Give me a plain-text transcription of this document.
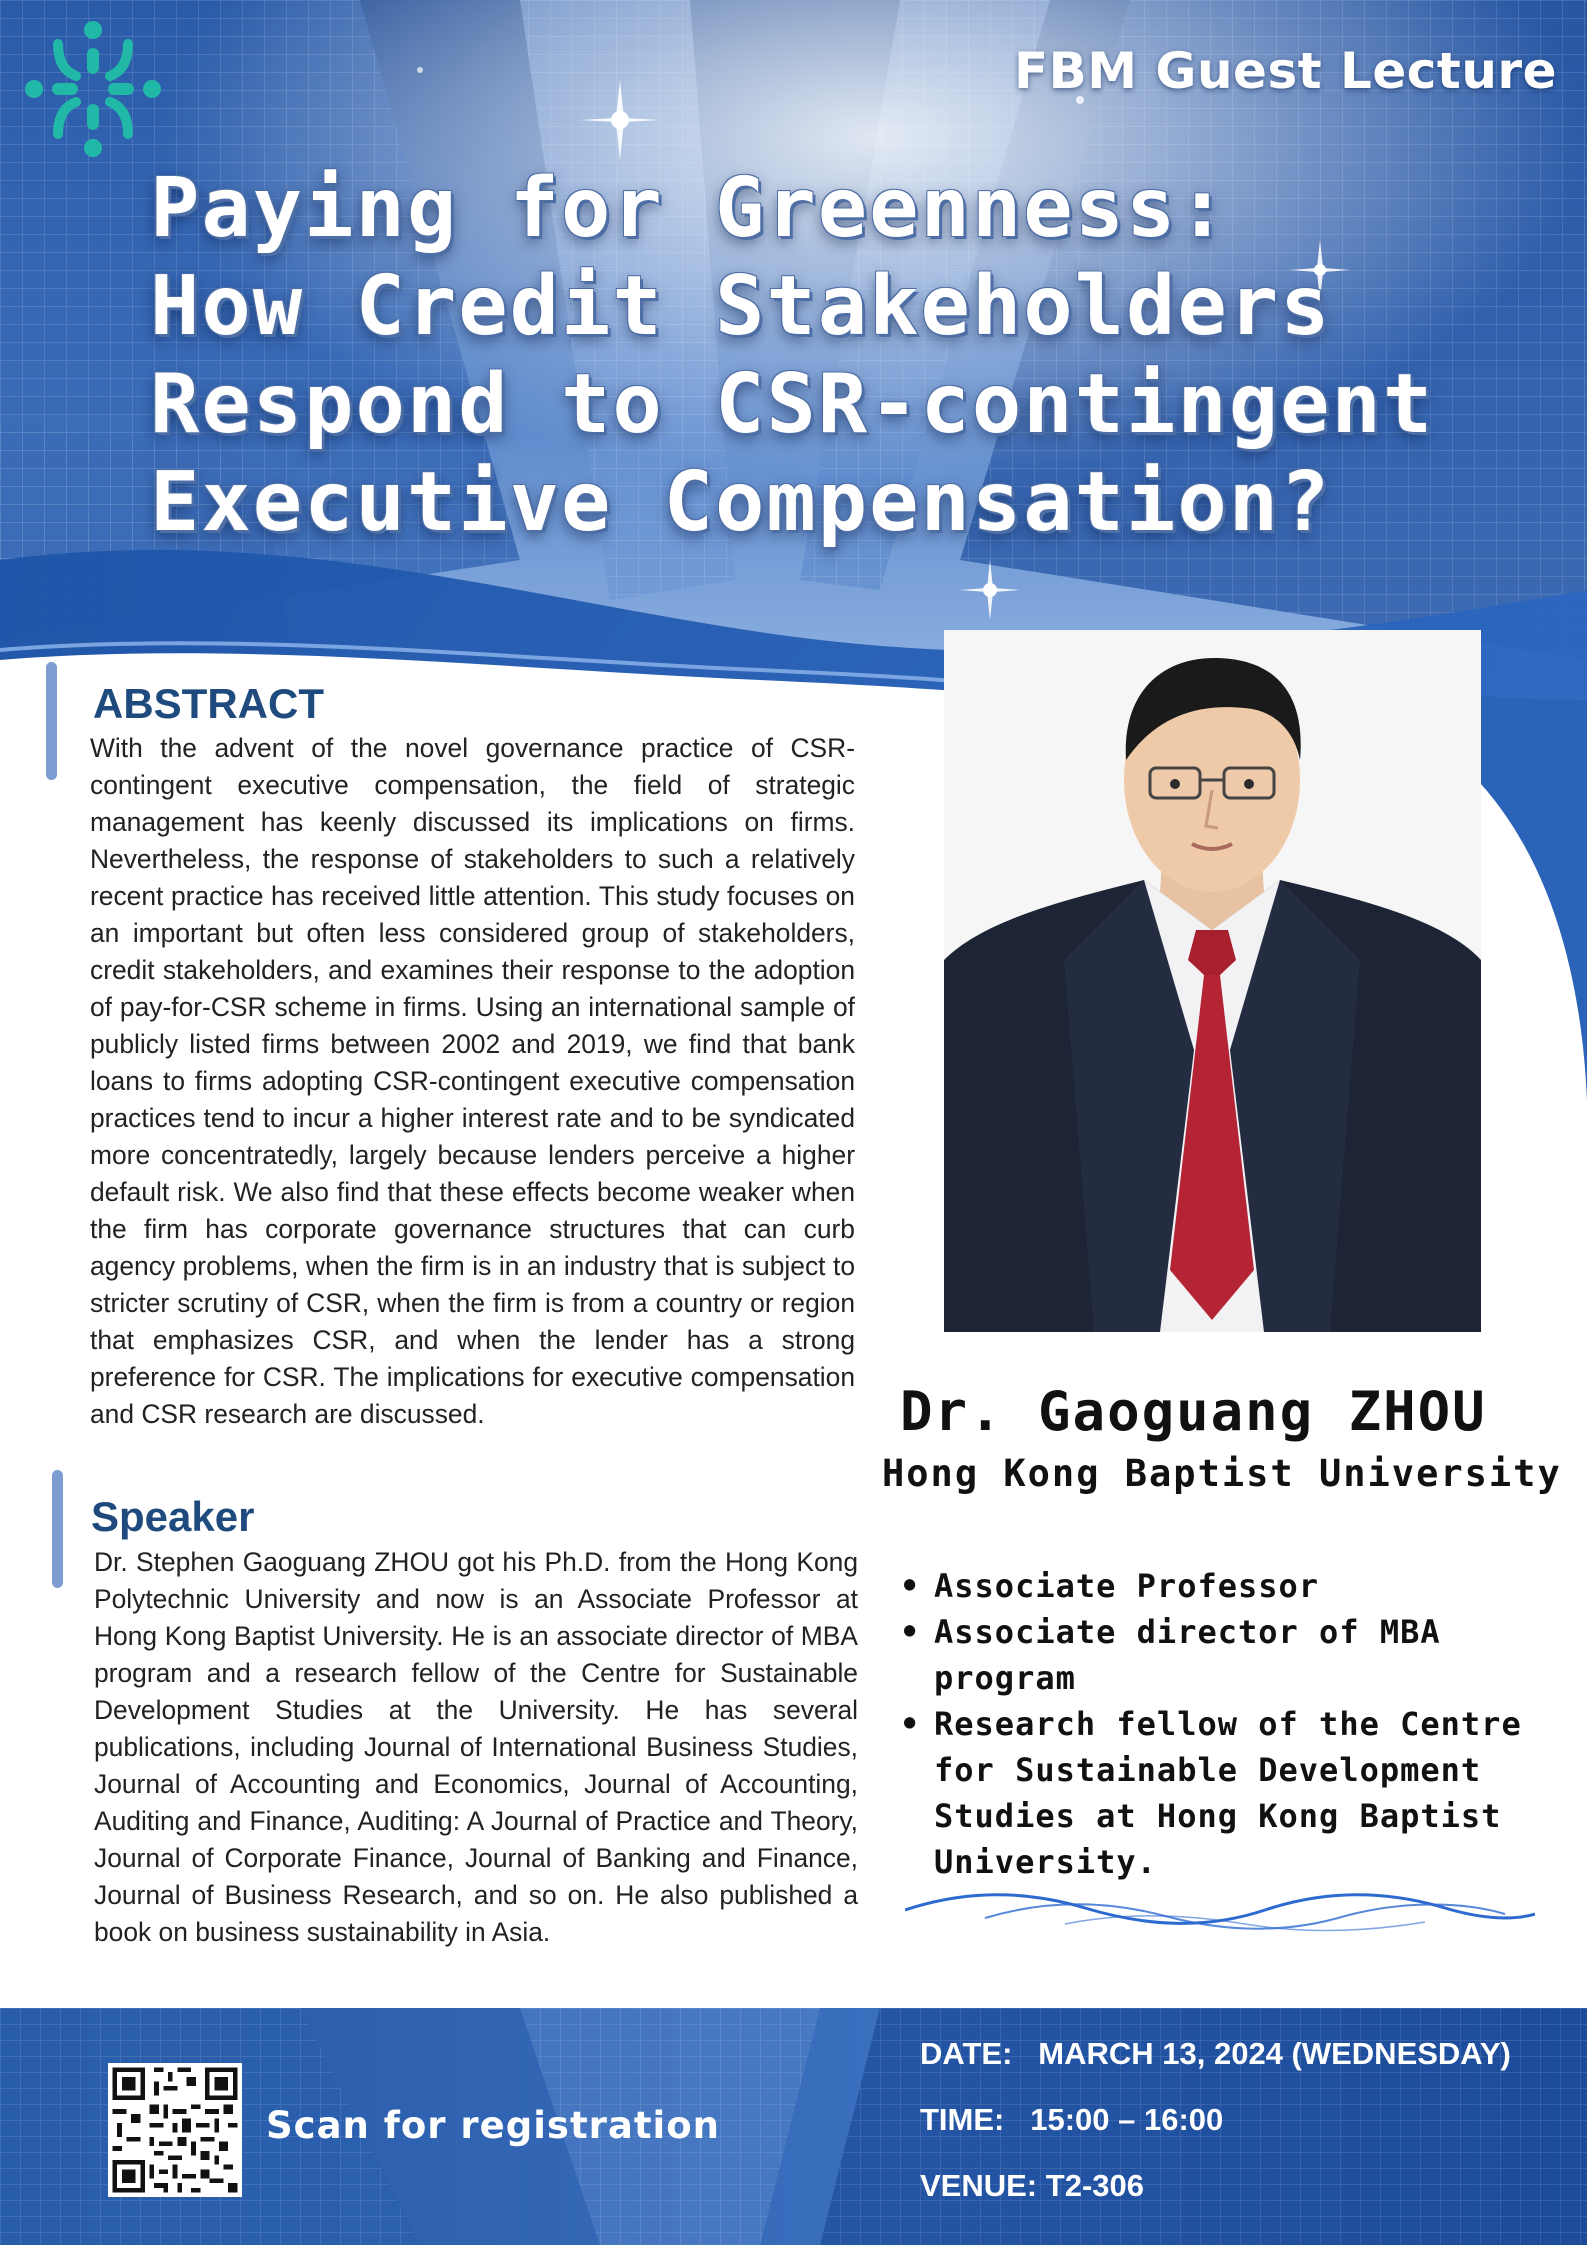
FBM Guest Lecture
Paying for Greenness:
How Credit Stakeholders
Respond to CSR-contingent
Executive Compensation?
ABSTRACT

With the advent of the novel governance practice of CSR-contingent executive compensation, the field of strategic management has keenly discussed its implications on firms. Nevertheless, the response of stakeholders to such a relatively recent practice has received little attention. This study focuses on an important but often less considered group of stakeholders, credit stakeholders, and examines their response to the adoption of pay-for-CSR scheme in firms. Using an international sample of publicly listed firms between 2002 and 2019, we find that bank loans to firms adopting CSR-contingent executive compensation practices tend to incur a higher interest rate and to be syndicated more concentratedly, largely because lenders perceive a higher default risk. We also find that these effects become weaker when the firm has corporate governance structures that can curb agency problems, when the firm is in an industry that is subject to stricter scrutiny of CSR, when the firm is from a country or region that emphasizes CSR, and when the lender has a strong preference for CSR. The implications for executive compensation and CSR research are discussed.

Speaker

Dr. Stephen Gaoguang ZHOU got his Ph.D. from the Hong Kong Polytechnic University and now is an Associate Professor at Hong Kong Baptist University. He is an associate director of MBA program and a research fellow of the Centre for Sustainable Development Studies at the University. He has several publications, including Journal of International Business Studies, Journal of Accounting and Economics, Journal of Accounting, Auditing and Finance, Auditing: A Journal of Practice and Theory, Journal of Corporate Finance, Journal of Banking and Finance, Journal of Business Research, and so on. He also published a book on business sustainability in Asia.

Dr. Gaoguang ZHOU
Hong Kong Baptist University
• Associate Professor
• Associate director of MBA program
• Research fellow of the Centre for Sustainable Development Studies at Hong Kong Baptist University.
Scan for registration
DATE: MARCH 13, 2024 (WEDNESDAY)
TIME: 15:00 – 16:00
VENUE: T2-306
